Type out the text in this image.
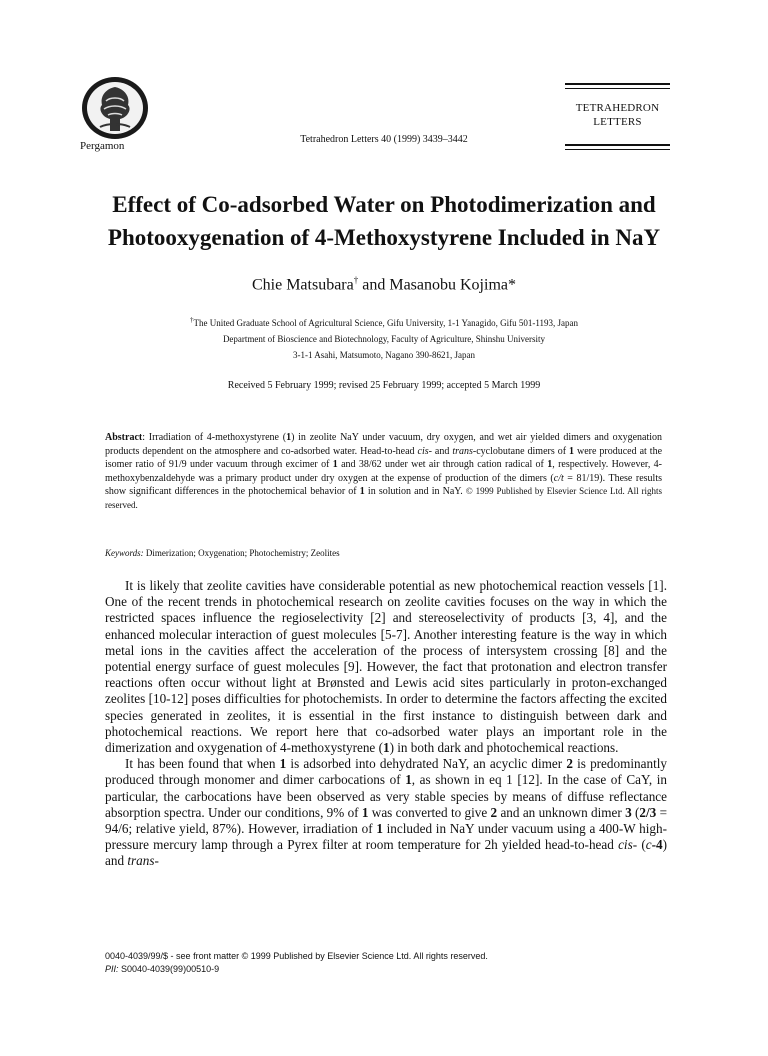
Pergamon
Tetrahedron Letters 40 (1999) 3439–3442
TETRAHEDRON
LETTERS
Effect of Co-adsorbed Water on Photodimerization and
Photooxygenation of 4-Methoxystyrene Included in NaY
Chie Matsubara† and Masanobu Kojima*
†The United Graduate School of Agricultural Science, Gifu University, 1-1 Yanagido, Gifu 501-1193, Japan
Department of Bioscience and Biotechnology, Faculty of Agriculture, Shinshu University
3-1-1 Asahi, Matsumoto, Nagano 390-8621, Japan
Received 5 February 1999; revised 25 February 1999; accepted 5 March 1999
Abstract: Irradiation of 4-methoxystyrene (1) in zeolite NaY under vacuum, dry oxygen, and wet air yielded dimers and oxygenation products dependent on the atmosphere and co-adsorbed water. Head-to-head cis- and trans-cyclobutane dimers of 1 were produced at the isomer ratio of 91/9 under vacuum through excimer of 1 and 38/62 under wet air through cation radical of 1, respectively. However, 4-methoxybenzaldehyde was a primary product under dry oxygen at the expense of production of the dimers (c/t = 81/19). These results show significant differences in the photochemical behavior of 1 in solution and in NaY. © 1999 Published by Elsevier Science Ltd. All rights reserved.
Keywords: Dimerization; Oxygenation; Photochemistry; Zeolites

It is likely that zeolite cavities have considerable potential as new photochemical reaction vessels [1]. One of the recent trends in photochemical research on zeolite cavities focuses on the way in which the restricted spaces influence the regioselectivity [2] and stereoselectivity of products [3, 4], and the enhanced molecular interaction of guest molecules [5-7]. Another interesting feature is the way in which metal ions in the cavities affect the acceleration of the process of intersystem crossing [8] and the potential energy surface of guest molecules [9]. However, the fact that protonation and electron transfer reactions often occur without light at Brønsted and Lewis acid sites particularly in proton-exchanged zeolites [10-12] poses difficulties for photochemists. In order to determine the factors affecting the excited species generated in zeolites, it is essential in the first instance to distinguish between dark and photochemical reactions. We report here that co-adsorbed water plays an important role in the dimerization and oxygenation of 4-methoxystyrene (1) in both dark and photochemical reactions.

It has been found that when 1 is adsorbed into dehydrated NaY, an acyclic dimer 2 is predominantly produced through monomer and dimer carbocations of 1, as shown in eq 1 [12]. In the case of CaY, in particular, the carbocations have been observed as very stable species by means of diffuse reflectance absorption spectra. Under our conditions, 9% of 1 was converted to give 2 and an unknown dimer 3 (2/3 = 94/6; relative yield, 87%). However, irradiation of 1 included in NaY under vacuum using a 400-W high-pressure mercury lamp through a Pyrex filter at room temperature for 2h yielded head-to-head cis- (c-4) and trans-

0040-4039/99/$ - see front matter © 1999 Published by Elsevier Science Ltd. All rights reserved.
PII: S0040-4039(99)00510-9
